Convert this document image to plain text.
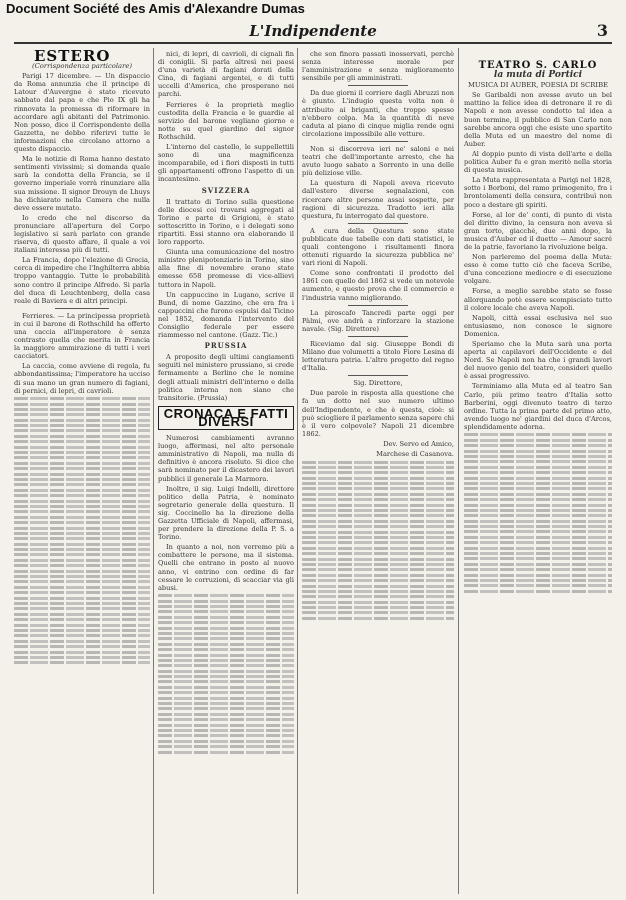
Document Société des Amis d'Alexandre Dumas
L'Indipendente	3
ESTERO
(Corrispondenza particolare)

Parigi 17 dicembre. — Un dispaccio da Roma annunzia che il principe di Latour d'Auvergne è stato ricevuto sabbato dal papa e che Pio IX gli ha rinnovata la promessa di riformare in accordare agli abitanti del Patrimonio. Non posso, dice il Corrispondente della Gazzetta, ne debbo riferirvi tutte le informazioni che circolano attorno a questo dispaccio.

Ma le notizie di Roma hanno destato sentimenti vivissimi; si domanda quale sarà la condotta della Francia, se il governo imperiale vorrà rinunziare alla sua missione. Il signor Drouyn de Lhuys ha dichiarato nella Camera che nulla deve essere mutato.

Io credo che nel discorso da pronunciare all'apertura del Corpo legislativo si sarà parlato con grande riserva, di questo affare, il quale a voi italiani interessa più di tutti.

La Francia, dopo l'elezione di Grecia, cerca di impedire che l'Inghilterra abbia troppo vantaggio. Tutte le probabilità sono contro il principe Alfredo. Si parla del duca di Leuchtenberg, della casa reale di Baviera e di altri principi.

Ferrieres. — La principessa proprietà in cui il barone di Rothschild ha offerto una caccia all'imperatore è senza contrasto quella che merita in Francia la maggiore ammirazione di tutti i veri cacciatori.

La caccia, come avviene di regola, fu abbondantissima; l'imperatore ha ucciso di sua mano un gran numero di fagiani, di pernici, di lepri, di cavrioli.

nici, di lepri, di cavrioli, di cignali fin di coniglii. Sì parla altresì nei paesi d'una varietà di fagiani dorati della Cina, di fagiani argentei, e di tutti uccelli d'America, che prosperano nei parchi.

Ferrieres è la proprietà meglio custodita della Francia e le guardie al servizio del barone vegliano giorno e notte su quel giardino del signor Rothschild.

L'interno del castello, le suppellettili sono di una magnificenza incomparabile, ed i fiori disposti in tutti gli appartamenti offrono l'aspetto di un incantesimo.

SVIZZERA

Il trattato di Torino sulla questione delle diocesi coi trovarsi aggregati al Torino e parte di Grigioni, è stato sottoscritto in Torino, e i delegati sono ripartiti. Essi stanno ora elaborando il loro rapporto.

Giunta una comunicazione del nostro ministro plenipotenziario in Torino, sino alla fine di novembre erano state emesse 658 promesse di vice-allievi tuttora in Napoli.

Un cappuccino in Lugano, scrive il Bund, di nome Gazzino, che era fra i cappuccini che furono espulsi dal Ticino nel 1852, domanda l'intervento del Consiglio federale per essere riammesso nel cantone. (Gazz. Tic.)

PRUSSIA

A proposito degli ultimi cangiamenti seguiti nel ministero prussiano, si crede fermamente a Berlino che le nomine degli attuali ministri dell'interno e della politica interna non siano che transitorie. (Prussia)

CRONACA E FATTI DIVERSI

Numerosi cambiamenti avranno luogo, affermasi, nel alto personale amministrativo di Napoli, ma nulla di definitivo è ancora risoluto. Si dice che sarà nominato per il dicastero dei lavori pubblici il generale La Marmora.

Inoltre, il sig. Luigi Indelli, direttore politico della Patria, è nominato segretario generale della questura. Il sig. Coccinello ha la direzione della Gazzetta Ufficiale di Napoli, affermasi, per prendere la direzione della P. S. a Torino.

In quanto a noi, non verremo più a combattere le persone, ma il sistema. Quelli che entrano in posto al nuovo anno, vi entrino con ordine di far cessare le corruzioni, di scacciar via gli abusi.

che son finora passati inosservati, perchè senza interesse morale per l'amministrazione e senza miglioramento sensibile per gli amministrati.

Da due giorni il corriere dagli Abruzzi non è giunto. L'indugio questa volta non è attribuito ai briganti, che troppo spesso n'ebbero colpa. Ma la quantità di neve caduta al piano di cinque miglia rende ogni circolazione impossibile alle vetture.

Non si discorreva ieri ne' saloni e nei teatri che dell'importante arresto, che ha avuto luogo sabato a Sorrento in una delle più deliziose ville.

La questura di Napoli aveva ricevuto dall'estero diverse segnalazioni, con ricercare altre persone assai sospette, per ragioni di sicurezza. Tradotto ieri alla questura, fu interrogato dal questore.

A cura della Questura sono state pubblicate due tabelle con dati statistici, le quali contengono i risultamenti finora ottenuti riguardo la sicurezza pubblica ne' vari rioni di Napoli.

Come sono confrontati il prodotto del 1861 con quello del 1862 si vede un notevole aumento, e questo prova che il commercio e l'industria vanno migliorando.

La piroscafo Tancredi parte oggi per Pàlmi, ove andrà a rinforzare la stazione navale. (Sig. Direttore)

Riceviamo dal sig. Giuseppe Bondi di Milano due volumetti a titolo Fiore Lesina di letteratura patria. L'altro progetto del regno d'Italia.

Sig. Direttore,

Due parole in risposta alla questione che fa un dotto nel suo numero ultimo dell'Indipendente, e che è questa, cioè: si può sciogliere il parlamento senza sapere chi è il vero colpevole? Napoli 21 dicembre 1862.

Dev. Servo ed Amico,
Marchese di Casanova.
TEATRO S. CARLO
la muta di Portici
MUSICA DI AUBER, POESIA DI SCRIBE

Se Garibaldi non avesse avuto un bel mattino la felice idea di detronare il re di Napoli e non avesse condotto tal idea a buon termine, il pubblico di San Carlo non sarebbe ancora oggi che esiste uno spartito della Muta ed un maestro del nome di Auber.

Al doppio punto di vista dell'arte e della politica Auber fu e gran meritò nella storia di questa musica.

La Muta rappresentata a Parigi nel 1828, sotto i Borboni, del ramo primogenito, fra i brontolamenti della censura, contribuì non poco a destare gli spiriti.

Forse, al lor de' conti, di punto di vista del diritto divino, la censura non aveva sì gran torto, giacchè, due anni dopo, la musica d'Auber ed il duetto — Amour sacré de la patrie, favoriano la rivoluzione belga.

Non parleremo del poema della Muta: esso è come tutto ciò che faceva Scribe, d'una concezione mediocre e di esecuzione volgare.

Forse, a meglio sarebbe stato se fosse allorquando potè essere scompisciato tutto il colore locale che aveva Napoli.

Napoli, città essai esclusiva nel suo entusiasmo, non conosce le signore Domenica.

Speriamo che la Muta sarà una porta aperta ai capilavori dell'Occidente e del Nord. Se Napoli non ha che i grandi lavori del nuovo genio del teatro, consideri quello è assai progressivo.

Terminiamo alla Muta ed al teatro San Carlo, più primo teatro d'Italia sotto Barberini, oggi divenuto teatro di terzo ordine. Tutta la prima parte del primo atto, avendo luogo ne' giardini del duca d'Arcos, splendidamente adorna.
